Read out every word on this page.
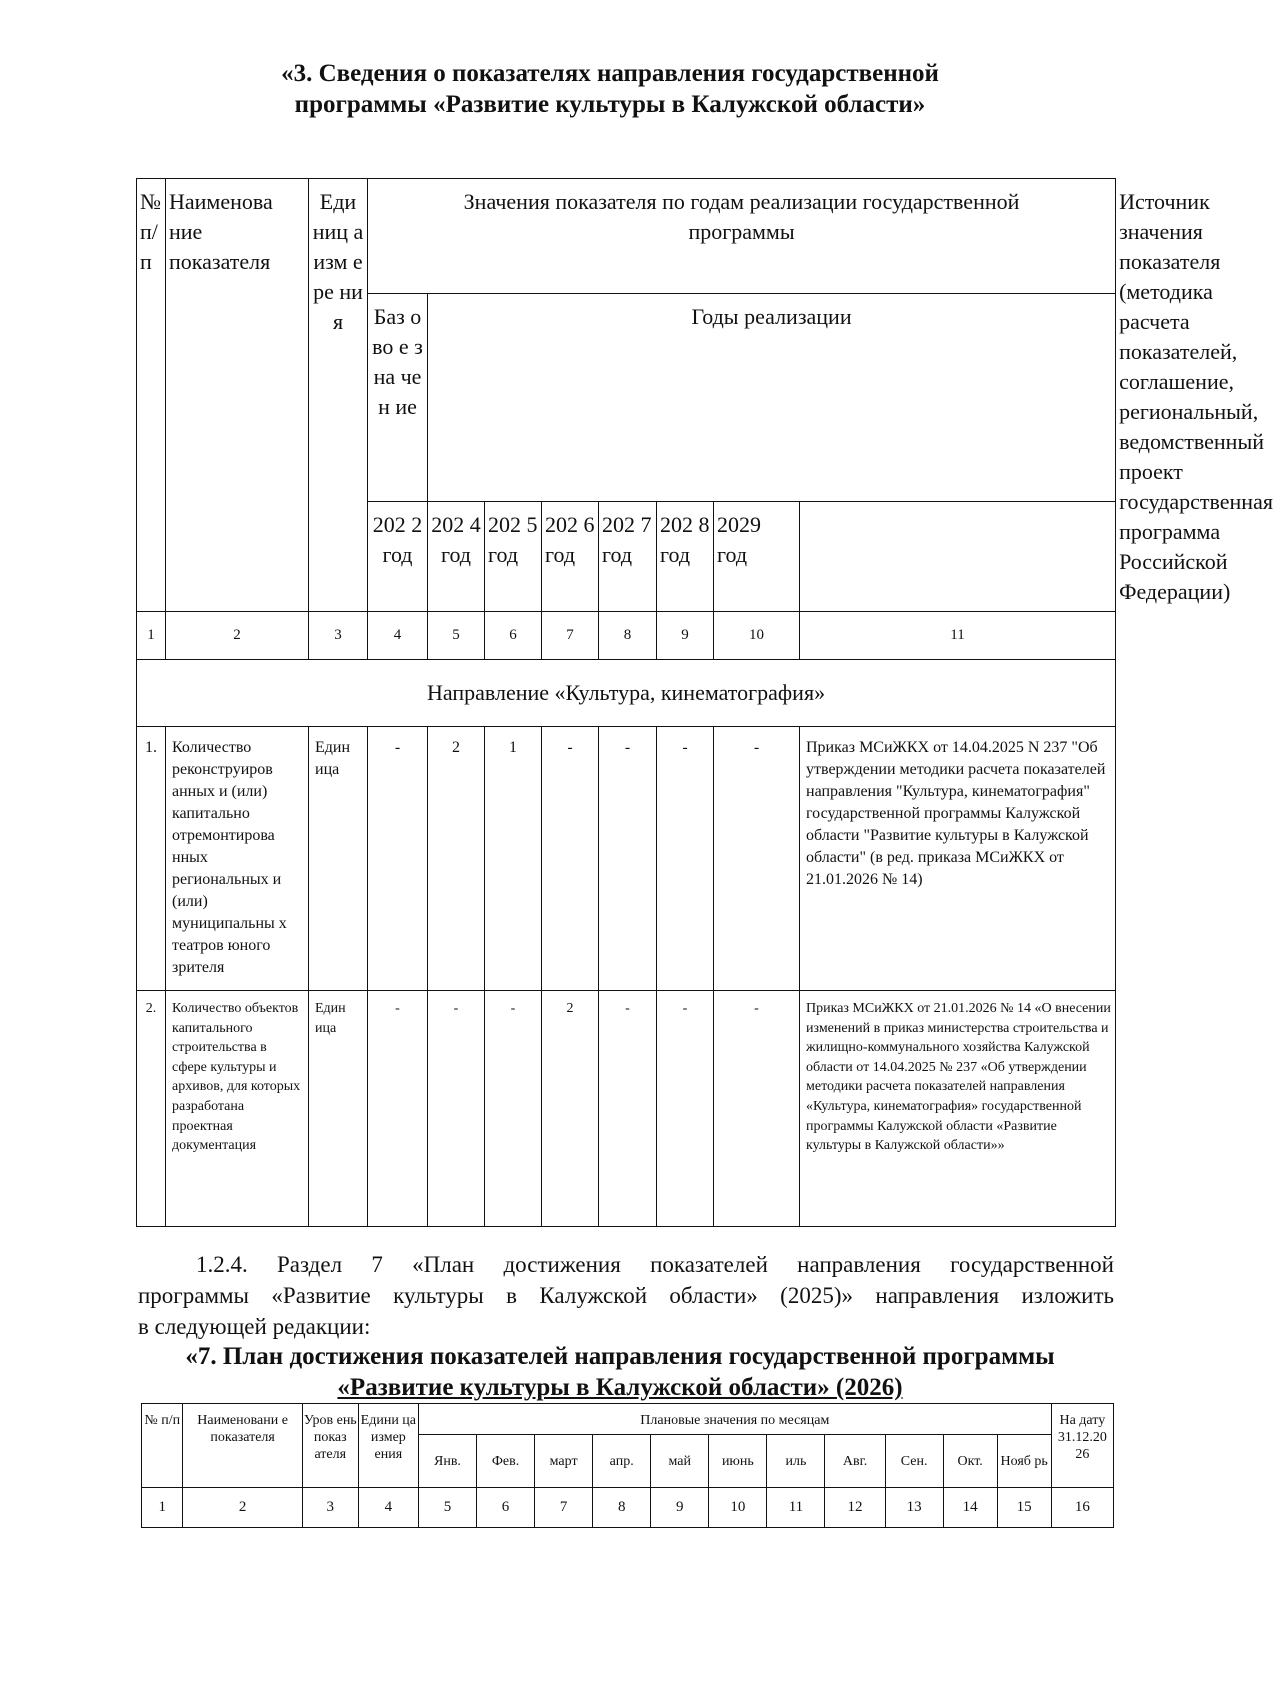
«3. Сведения о показателях направления государственной
программы «Развитие культуры в Калужской области»
№ п/ п	Наименова ние показателя	Еди ниц а изм ере ния	Значения показателя по годам реализации государственной программы								Источник значения показателя (методика расчета показателей, соглашение, региональный, ведомственный проект государственная программа Российской Федерации)
			Баз ово е зна чен ие	Годы реализации							
			202 2 год	202 4 год	202 5 год	202 6 год	202 7 год	202 8 год	2029 год		
1	2	3	4	5	6	7	8	9	10	11	
Направление «Культура, кинематография»											
1.	Количество реконструиров анных и (или) капитально отремонтирова нных региональных и (или) муниципальны х театров юного зрителя	Един ица	-	2	1	-	-	-	-	Приказ МСиЖКХ от 14.04.2025 N 237 "Об утверждении методики расчета показателей направления "Культура, кинематография" государственной программы Калужской области "Развитие культуры в Калужской области" (в ред. приказа МСиЖКХ от 21.01.2026 № 14)	
2.	Количество объектов капитального строительства в сфере культуры и архивов, для которых разработана проектная документация	Един ица	-	-	-	2	-	-	-	Приказ МСиЖКХ от 21.01.2026 № 14 «О внесении изменений в приказ министерства строительства и жилищно-коммунального хозяйства Калужской области от 14.04.2025 № 237 «Об утверждении методики расчета показателей направления «Культура, кинематография» государственной программы Калужской области «Развитие культуры в Калужской области»»	
1.2.4. Раздел 7 «План достижения показателей направления государственной
программы «Развитие культуры в Калужской области» (2025)» направления изложить
в следующей редакции:
«7. План достижения показателей направления государственной программы
«Развитие культуры в Калужской области» (2026)
№ п/п	Наименовани е показателя	Уров ень показ ателя	Едини ца измер ения	Плановые значения по месяцам											На дату 31.12.20 26
				Янв.	Фев.	март	апр.	май	июнь	иль	Авг.	Сен.	Окт.	Нояб рь	
1	2	3	4	5	6	7	8	9	10	11	12	13	14	15	16
